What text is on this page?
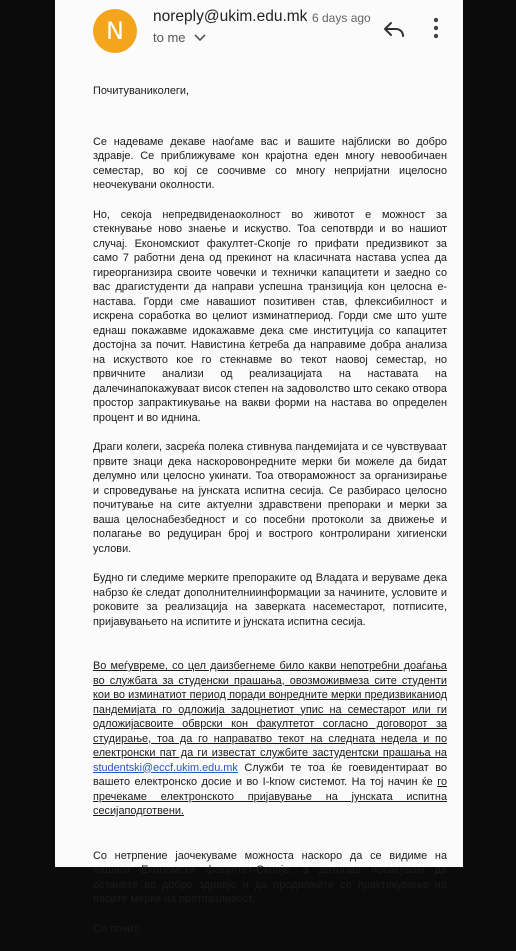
N
noreply@ukim.edu.mk 6 days ago
to me

Почитуваниколеги,

Се надеваме декаве наоѓаме вас и вашите најблиски во добро здравје. Се приближуваме кон крајотна еден многу невообичаен семестар, во кој се соочивме со многу непријатни ицелосно неочекувани околности.

Но, секоја непредвиденаоколност во животот е можност за стекнување ново знаење и искуство. Тоа сепотврди и во нашиот случај. Економскиот факултет-Скопје го прифати предизвикот за само 7 работни дена од прекинот на класичната настава успеа да гиреорганизира своите човечки и технички капацитети и заедно со вас драгистуденти да направи успешна транзиција кон целосна е-настава. Горди сме навашиот позитивен став, флексибилност и искрена соработка во целиот изминатпериод. Горди сме што уште еднаш покажавме идокажавме дека сме институција со капацитет достојна за почит. Навистина ќетреба да направиме добра анализа на искуството кое го стекнавме во текот наовој семестар, но првичните анализи од реализацијата на наставата на далечинапокажуваат висок степен на задоволство што секако отвора простор запрактикување на вакви форми на настава во определен процент и во иднина.

Драги колеги, засреќа полека стивнува пандемијата и се чувствуваат првите знаци дека наскоровонредните мерки би можеле да бидат делумно или целосно укинати. Тоа отвораможност за организирање и спроведување на јунската испитна сесија. Се разбирасо целосно почитување на сите актуелни здравствени препораки и мерки за ваша целоснабезбедност и со посебни протоколи за движење и полагање во редуциран број и вострого контролирани хигиенски услови.

Будно ги следиме мерките препораките од Владата и веруваме дека набрзо ќе следат дополнителниинформации за начините, условите и роковите за реализација на заверката насеместарот, потписите, пријавувањето на испитите и јунската испитна сесија.

Во меѓувреме, со цел даизбегнеме било какви непотребни доаѓања во службата за студенски прашања, овозможивмеза сите студенти кои во изминатиот период поради вонредните мерки предизвиканиод пандемијата го одложија задоцнетиот упис на семестарот или ги одложијасвоите обврски кон факултетот согласно договорот за студирање, тоа да го направатво текот на следната недела и по електронски пат да ги известат службите застудентски прашања на studentski@eccf.ukim.edu.mk Служби те тоа ќе гоевидентираат во вашето електронско досие и во I-know системот. На тој начин ќе го пречекаме електронското пријавување на јунската испитна сесијаподготвени.

Со нетрпение јаочекуваме можноста наскоро да се видиме на нашиот Економски факултет-Скопје, а дотогаш посакувам да останете во добро здравје и да продолжите со практикување на насите мерки на претпазливост.

Со почит,
